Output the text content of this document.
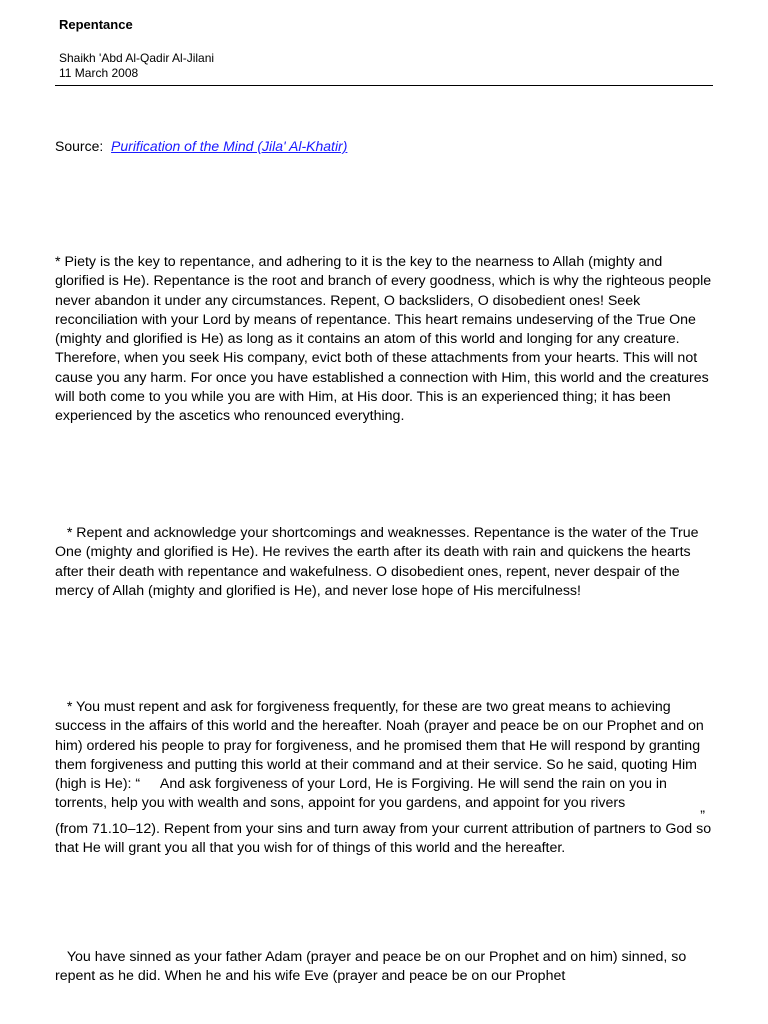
Repentance
Shaikh 'Abd Al-Qadir Al-Jilani
11 March 2008
Source: Purification of the Mind (Jila' Al-Khatir)

* Piety is the key to repentance, and adhering to it is the key to the nearness to Allah (mighty and glorified is He). Repentance is the root and branch of every goodness, which is why the righteous people never abandon it under any circumstances. Repent, O backsliders, O disobedient ones! Seek reconciliation with your Lord by means of repentance. This heart remains undeserving of the True One (mighty and glorified is He) as long as it contains an atom of this world and longing for any creature. Therefore, when you seek His company, evict both of these attachments from your hearts. This will not cause you any harm. For once you have established a connection with Him, this world and the creatures will both come to you while you are with Him, at His door. This is an experienced thing; it has been experienced by the ascetics who renounced everything.

* Repent and acknowledge your shortcomings and weaknesses. Repentance is the water of the True One (mighty and glorified is He). He revives the earth after its death with rain and quickens the hearts after their death with repentance and wakefulness. O disobedient ones, repent, never despair of the mercy of Allah (mighty and glorified is He), and never lose hope of His mercifulness!

* You must repent and ask for forgiveness frequently, for these are two great means to achieving success in the affairs of this world and the hereafter. Noah (prayer and peace be on our Prophet and on him) ordered his people to pray for forgiveness, and he promised them that He will respond by granting them forgiveness and putting this world at their command and at their service. So he said, quoting Him (high is He): “ And ask forgiveness of your Lord, He is Forgiving. He will send the rain on you in torrents, help you with wealth and sons, appoint for you gardens, and appoint for you rivers
”
(from 71.10–12). Repent from your sins and turn away from your current attribution of partners to God so that He will grant you all that you wish for of things of this world and the hereafter.

You have sinned as your father Adam (prayer and peace be on our Prophet and on him) sinned, so repent as he did. When he and his wife Eve (prayer and peace be on our Prophet
